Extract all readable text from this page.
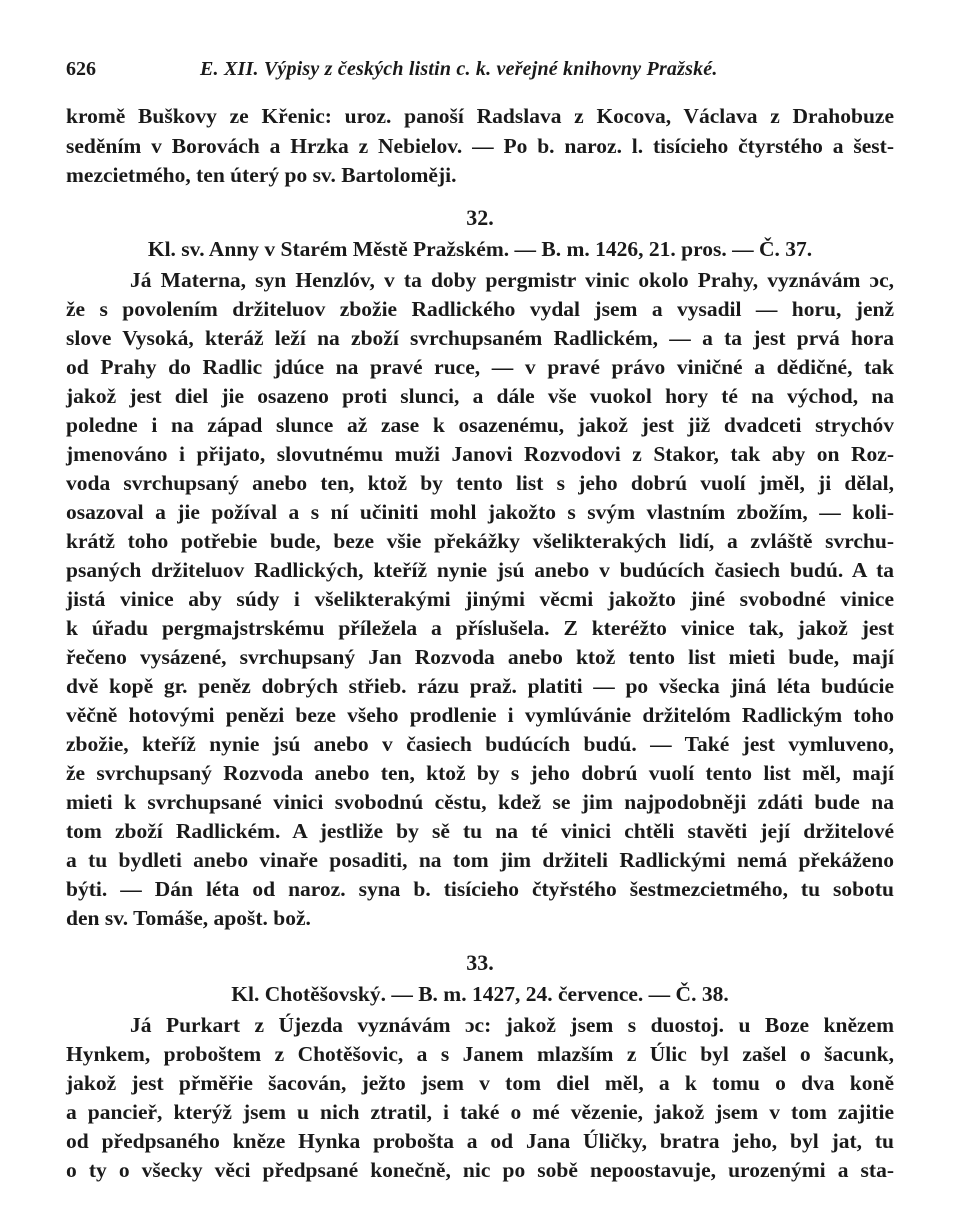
626	E. XII. Výpisy z českých listin c. k. veřejné knihovny Pražské.
kromě Buškovy ze Křenic: uroz. panoší Radslava z Kocova, Václava z Drahobuze
seděním v Borovách a Hrzka z Nebielov. — Po b. naroz. l. tisícieho čtyrstého a šest-
mezcietmého, ten úterý po sv. Bartoloměji.
32.
Kl. sv. Anny v Starém Městě Pražském. — B. m. 1426, 21. pros. — Č. 37.
Já Materna, syn Henzlóv, v ta doby pergmistr vinic okolo Prahy, vyznávám ɔc,
že s povolením držiteluov zbožie Radlického vydal jsem a vysadil — horu, jenž
slove Vysoká, kteráž leží na zboží svrchupsaném Radlickém, — a ta jest prvá hora
od Prahy do Radlic jdúce na pravé ruce, — v pravé právo viničné a dědičné, tak
jakož jest diel jie osazeno proti slunci, a dále vše vuokol hory té na východ, na
poledne i na západ slunce až zase k osazenému, jakož jest již dvadceti strychóv
jmenováno i přijato, slovutnému muži Janovi Rozvodovi z Stakor, tak aby on Roz-
voda svrchupsaný anebo ten, ktož by tento list s jeho dobrú vuolí jměl, ji dělal,
osazoval a jie požíval a s ní učiniti mohl jakožto s svým vlastním zbožím, — koli-
krátž toho potřebie bude, beze všie překážky všelikterakých lidí, a zvláště svrchu-
psaných držiteluov Radlických, kteříž nynie jsú anebo v budúcích časiech budú. A ta
jistá vinice aby súdy i všelikterakými jinými věcmi jakožto jiné svobodné vinice
k úřadu pergmajstrskému příležela a příslušela. Z kteréžto vinice tak, jakož jest
řečeno vysázené, svrchupsaný Jan Rozvoda anebo ktož tento list mieti bude, mají
dvě kopě gr. peněz dobrých střieb. rázu praž. platiti — po všecka jiná léta budúcie
věčně hotovými penězi beze všeho prodlenie i vymlúvánie držitelóm Radlickým toho
zbožie, kteříž nynie jsú anebo v časiech budúcích budú. — Také jest vymluveno,
že svrchupsaný Rozvoda anebo ten, ktož by s jeho dobrú vuolí tento list měl, mají
mieti k svrchupsané vinici svobodnú cěstu, kdež se jim najpodobněji zdáti bude na
tom zboží Radlickém. A jestliže by sě tu na té vinici chtěli stavěti její držitelové
a tu bydleti anebo vinaře posaditi, na tom jim držiteli Radlickými nemá překáženo
býti. — Dán léta od naroz. syna b. tisícieho čtyřstého šestmezcietmého, tu sobotu
den sv. Tomáše, apošt. bož.
33.
Kl. Chotěšovský. — B. m. 1427, 24. července. — Č. 38.
Já Purkart z Újezda vyznávám ɔc: jakož jsem s duostoj. u Boze knězem
Hynkem, proboštem z Chotěšovic, a s Janem mlazším z Úlic byl zašel o šacunk,
jakož jest přměřie šacován, ježto jsem v tom diel měl, a k tomu o dva koně
a pancieř, kterýž jsem u nich ztratil, i také o mé vězenie, jakož jsem v tom zajitie
od předpsaného kněze Hynka probošta a od Jana Úličky, bratra jeho, byl jat, tu
o ty o všecky věci předpsané konečně, nic po sobě nepoostavuje, urozenými a sta-
